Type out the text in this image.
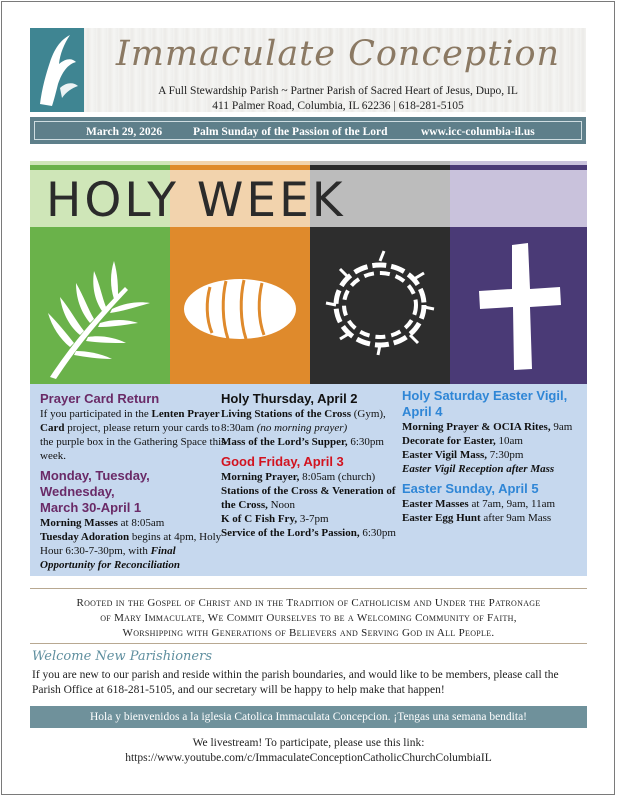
Immaculate Conception
A Full Stewardship Parish ~ Partner Parish of Sacred Heart of Jesus, Dupo, IL
411 Palmer Road, Columbia, IL 62236 | 618-281-5105
March 29, 2026	Palm Sunday of the Passion of the Lord	www.icc-columbia-il.us
HOLY WEEK
Prayer Card Return
If you participated in the Lenten Prayer Card project, please return your cards to the purple box in the Gathering Space this week.
Monday, Tuesday, Wednesday,
March 30-April 1
Morning Masses at 8:05am
Tuesday Adoration begins at 4pm, Holy Hour 6:30-7-30pm, with Final Opportunity for Reconciliation
Holy Thursday, April 2
Living Stations of the Cross (Gym), 8:30am (no morning prayer)
Mass of the Lord’s Supper, 6:30pm
Good Friday, April 3
Morning Prayer, 8:05am (church)
Stations of the Cross & Veneration of the Cross, Noon
K of C Fish Fry, 3-7pm
Service of the Lord’s Passion, 6:30pm
Holy Saturday Easter Vigil,
April 4
Morning Prayer & OCIA Rites, 9am
Decorate for Easter, 10am
Easter Vigil Mass, 7:30pm
Easter Vigil Reception after Mass
Easter Sunday, April 5
Easter Masses at 7am, 9am, 11am
Easter Egg Hunt after 9am Mass
Rooted in the Gospel of Christ and in the Tradition of Catholicism and Under the Patronage
of Mary Immaculate, We Commit Ourselves to be a Welcoming Community of Faith,
Worshipping with Generations of Believers and Serving God in All People.
Welcome New Parishioners
If you are new to our parish and reside within the parish boundaries, and would like to be members, please call the Parish Office at 618-281-5105, and our secretary will be happy to help make that happen!
Hola y bienvenidos a la iglesia Catolica Immaculata Concepcion. ¡Tengas una semana bendita!
We livestream! To participate, please use this link:
https://www.youtube.com/c/ImmaculateConceptionCatholicChurchColumbiaIL
